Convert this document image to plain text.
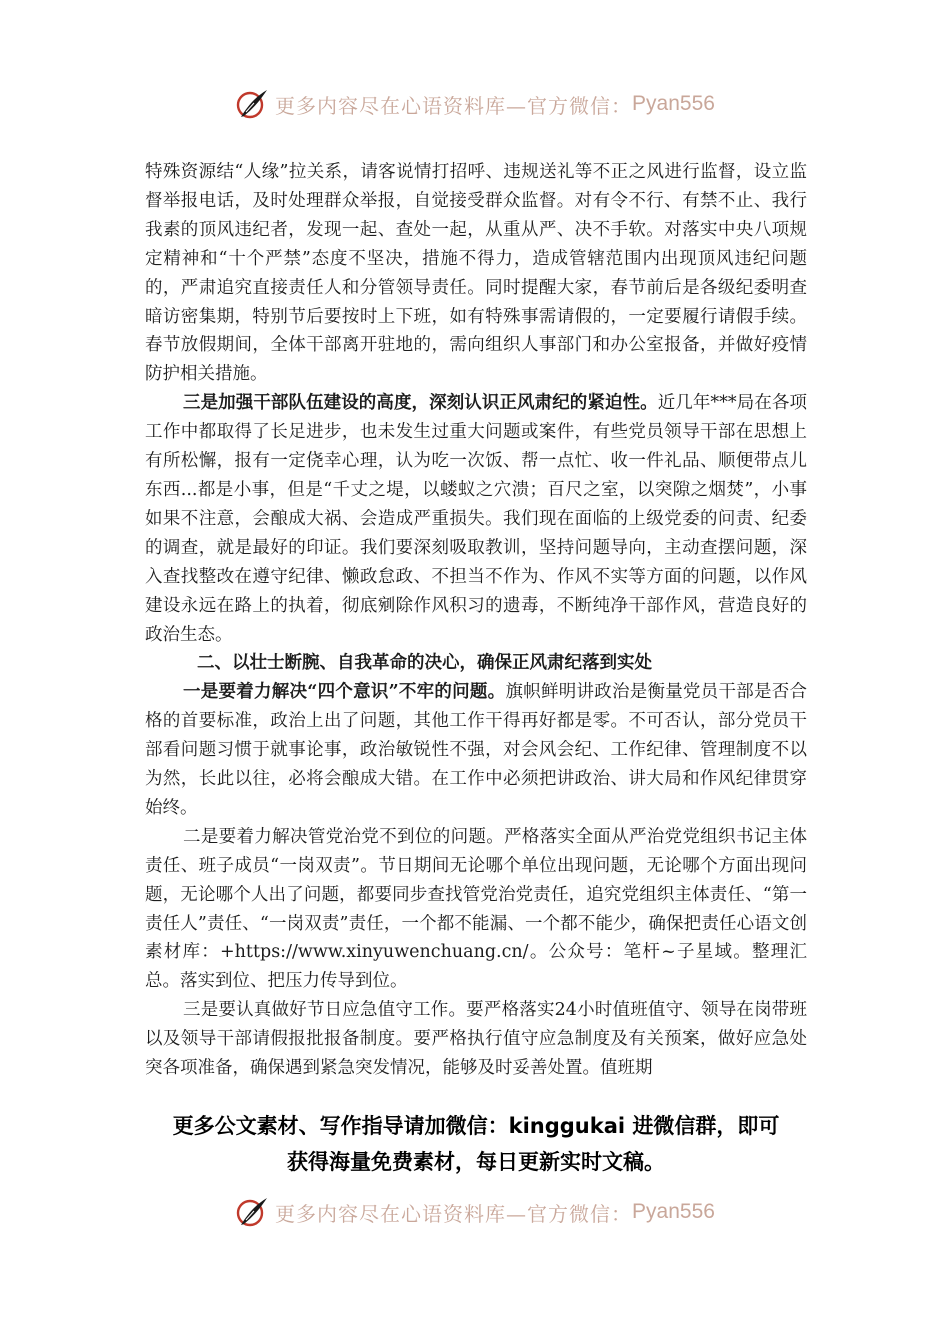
更多内容尽在心语资料库—官方微信： Pyan556

特殊资源结“人缘”拉关系，请客说情打招呼、违规送礼等不正之风进行监督，设立监督举报电话，及时处理群众举报，自觉接受群众监督。对有令不行、有禁不止、我行我素的顶风违纪者，发现一起、查处一起，从重从严、决不手软。对落实中央八项规定精神和“十个严禁”态度不坚决，措施不得力，造成管辖范围内出现顶风违纪问题的，严肃追究直接责任人和分管领导责任。同时提醒大家，春节前后是各级纪委明查暗访密集期，特别节后要按时上下班，如有特殊事需请假的，一定要履行请假手续。春节放假期间，全体干部离开驻地的，需向组织人事部门和办公室报备，并做好疫情防护相关措施。

三是加强干部队伍建设的高度，深刻认识正风肃纪的紧迫性。近几年***局在各项工作中都取得了长足进步，也未发生过重大问题或案件，有些党员领导干部在思想上有所松懈，报有一定侥幸心理，认为吃一次饭、帮一点忙、收一件礼品、顺便带点儿东西...都是小事，但是“千丈之堤，以蝼蚁之穴溃；百尺之室，以突隙之烟焚”，小事如果不注意，会酿成大祸、会造成严重损失。我们现在面临的上级党委的问责、纪委的调查，就是最好的印证。我们要深刻吸取教训，坚持问题导向，主动查摆问题，深入查找整改在遵守纪律、懒政怠政、不担当不作为、作风不实等方面的问题，以作风建设永远在路上的执着，彻底剜除作风积习的遗毒，不断纯净干部作风，营造良好的政治生态。

二、以壮士断腕、自我革命的决心，确保正风肃纪落到实处

一是要着力解决“四个意识”不牢的问题。旗帜鲜明讲政治是衡量党员干部是否合格的首要标准，政治上出了问题，其他工作干得再好都是零。不可否认，部分党员干部看问题习惯于就事论事，政治敏锐性不强，对会风会纪、工作纪律、管理制度不以为然，长此以往，必将会酿成大错。在工作中必须把讲政治、讲大局和作风纪律贯穿始终。

二是要着力解决管党治党不到位的问题。严格落实全面从严治党党组织书记主体责任、班子成员“一岗双责”。节日期间无论哪个单位出现问题，无论哪个方面出现问题，无论哪个人出了问题，都要同步查找管党治党责任，追究党组织主体责任、“第一责任人”责任、“一岗双责”责任，一个都不能漏、一个都不能少，确保把责任心语文创素材库：+https://www.xinyuwenchuang.cn/。公众号：笔杆~子星域。整理汇总。落实到位、把压力传导到位。

三是要认真做好节日应急值守工作。要严格落实24小时值班值守、领导在岗带班以及领导干部请假报批报备制度。要严格执行值守应急制度及有关预案，做好应急处突各项准备，确保遇到紧急突发情况，能够及时妥善处置。值班期

更多公文素材、写作指导请加微信：kinggukai 进微信群，即可
获得海量免费素材，每日更新实时文稿。
更多内容尽在心语资料库—官方微信： Pyan556
